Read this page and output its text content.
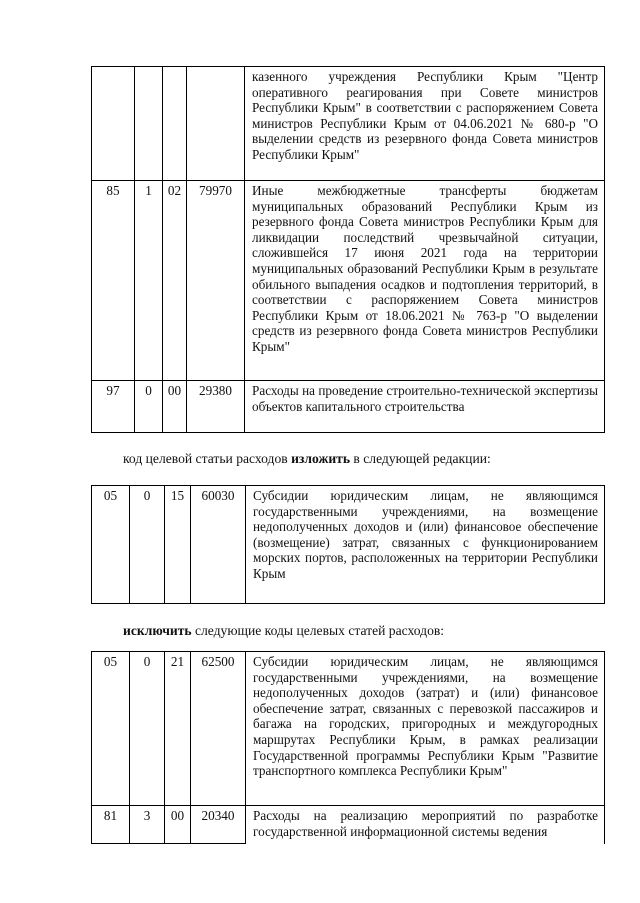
				казенного учреждения Республики Крым "Центр оперативного реагирования при Совете министров Республики Крым" в соответствии с распоряжением Совета министров Республики Крым от 04.06.2021 № 680-р "О выделении средств из резервного фонда Совета министров Республики Крым"
85	1	02	79970	Иные межбюджетные трансферты бюджетам муниципальных образований Республики Крым из резервного фонда Совета министров Республики Крым для ликвидации последствий чрезвычайной ситуации, сложившейся 17 июня 2021 года на территории муниципальных образований Республики Крым в результате обильного выпадения осадков и подтопления территорий, в соответствии с распоряжением Совета министров Республики Крым от 18.06.2021 № 763-р "О выделении средств из резервного фонда Совета министров Республики Крым"
97	0	00	29380	Расходы на проведение строительно-технической экспертизы объектов капитального строительства

код целевой статьи расходов изложить в следующей редакции:

05	0	15	60030	Субсидии юридическим лицам, не являющимся государственными учреждениями, на возмещение недополученных доходов и (или) финансовое обеспечение (возмещение) затрат, связанных с функционированием морских портов, расположенных на территории Республики Крым

исключить следующие коды целевых статей расходов:

05	0	21	62500	Субсидии юридическим лицам, не являющимся государственными учреждениями, на возмещение недополученных доходов (затрат) и (или) финансовое обеспечение затрат, связанных с перевозкой пассажиров и багажа на городских, пригородных и междугородных маршрутах Республики Крым, в рамках реализации Государственной программы Республики Крым "Развитие транспортного комплекса Республики Крым"
81	3	00	20340	Расходы на реализацию мероприятий по разработке государственной информационной системы ведения
